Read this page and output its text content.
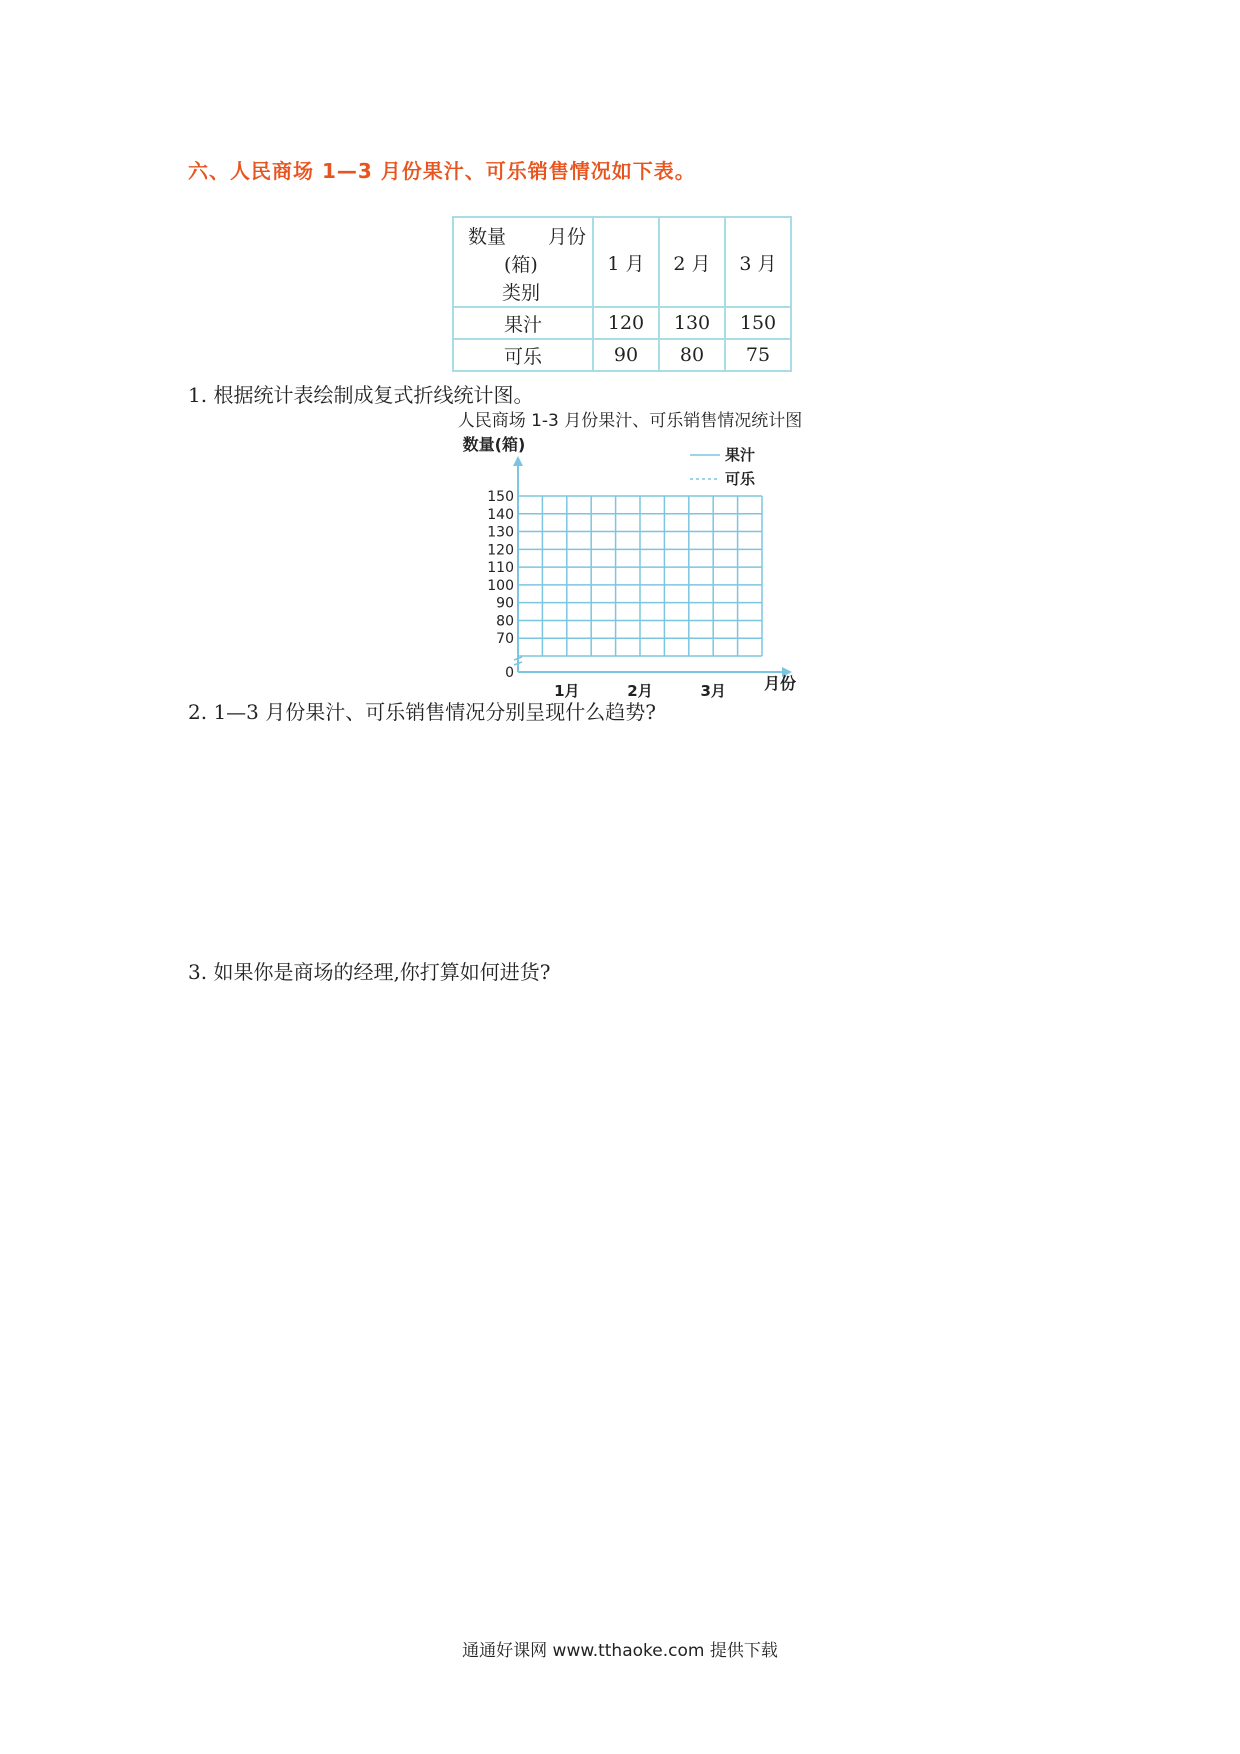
六、人民商场 1—3 月份果汁、可乐销售情况如下表。
数量 月份
(箱)
类别	1 月	2 月	3 月
果汁	120	130	150
可乐	90	80	75
1. 根据统计表绘制成复式折线统计图。
人民商场 1-3 月份果汁、可乐销售情况统计图
数量(箱)
150
140
130
120
110
100
90
80
70
0
1月	2月	3月 月份
果汁
可乐
2. 1—3 月份果汁、可乐销售情况分别呈现什么趋势?
3. 如果你是商场的经理,你打算如何进货?
通通好课网 www.tthaoke.com 提供下载
